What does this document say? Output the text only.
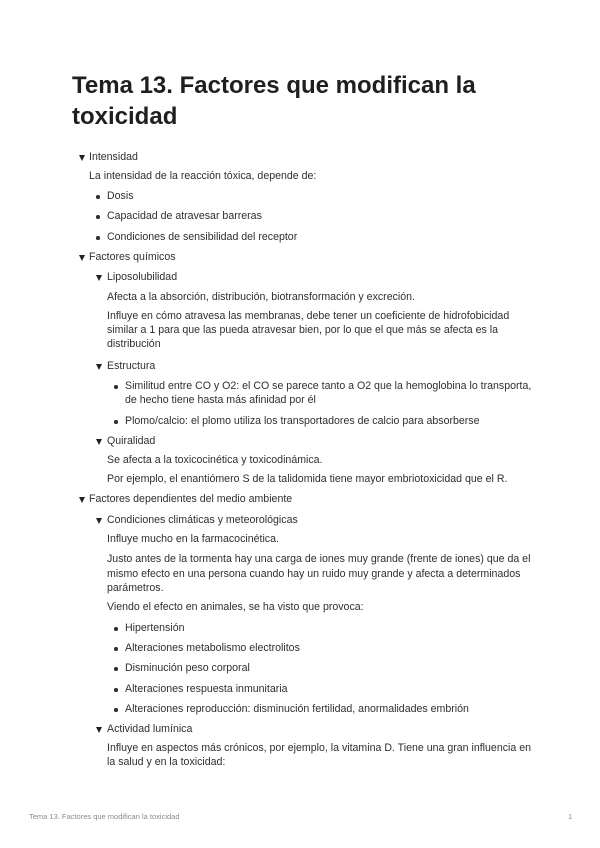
Tema 13. Factores que modifican la toxicidad
Intensidad
La intensidad de la reacción tóxica, depende de:
Dosis
Capacidad de atravesar barreras
Condiciones de sensibilidad del receptor
Factores químicos
Liposolubilidad
Afecta a la absorción, distribución, biotransformación y excreción.
Influye en cómo atravesa las membranas, debe tener un coeficiente de hidrofobicidad
similar a 1 para que las pueda atravesar bien, por lo que el que más se afecta es la
distribución
Estructura
Similitud entre CO y O2: el CO se parece tanto a O2 que la hemoglobina lo transporta,
de hecho tiene hasta más afinidad por él
Plomo/calcio: el plomo utiliza los transportadores de calcio para absorberse
Quiralidad
Se afecta a la toxicocinética y toxicodinámica.
Por ejemplo, el enantiómero S de la talidomida tiene mayor embriotoxicidad que el R.
Factores dependientes del medio ambiente
Condiciones climáticas y meteorológicas
Influye mucho en la farmacocinética.
Justo antes de la tormenta hay una carga de iones muy grande (frente de iones) que da el
mismo efecto en una persona cuando hay un ruido muy grande y afecta a determinados
parámetros.
Viendo el efecto en animales, se ha visto que provoca:
Hipertensión
Alteraciones metabolismo electrolitos
Disminución peso corporal
Alteraciones respuesta inmunitaria
Alteraciones reproducción: disminución fertilidad, anormalidades embrión
Actividad lumínica
Influye en aspectos más crónicos, por ejemplo, la vitamina D. Tiene una gran influencia en
la salud y en la toxicidad:
Tema 13. Factores que modifican la toxicidad	1
